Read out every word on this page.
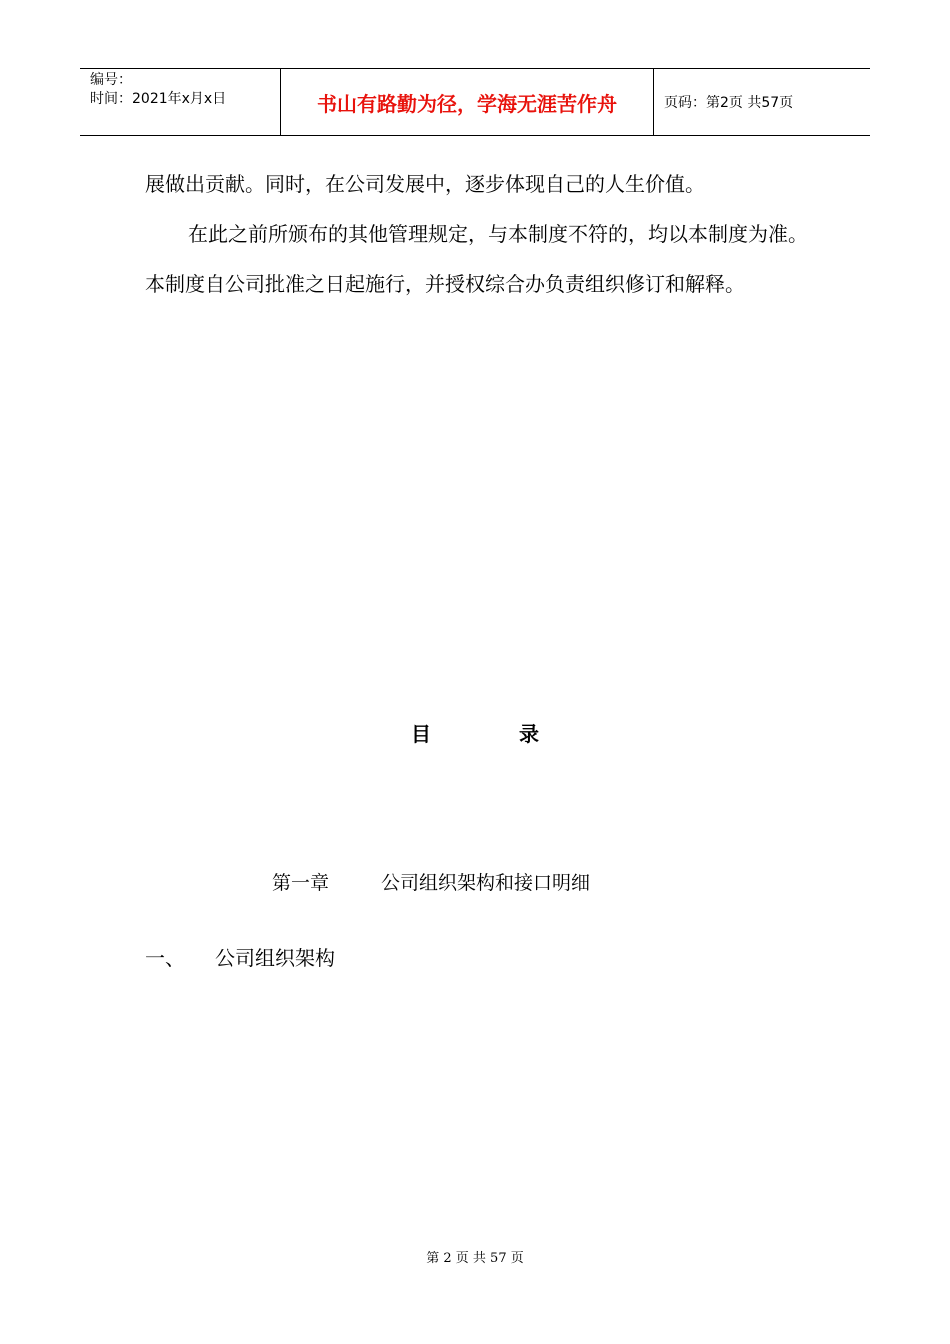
编号：
时间：2021年x月x日	书山有路勤为径，学海无涯苦作舟	页码：第2页 共57页

展做出贡献。同时，在公司发展中，逐步体现自己的人生价值。

在此之前所颁布的其他管理规定，与本制度不符的，均以本制度为准。本制度自公司批准之日起施行，并授权综合办负责组织修订和解释。

目	录
第一章	公司组织架构和接口明细
一、 公司组织架构
第 2 页 共 57 页
